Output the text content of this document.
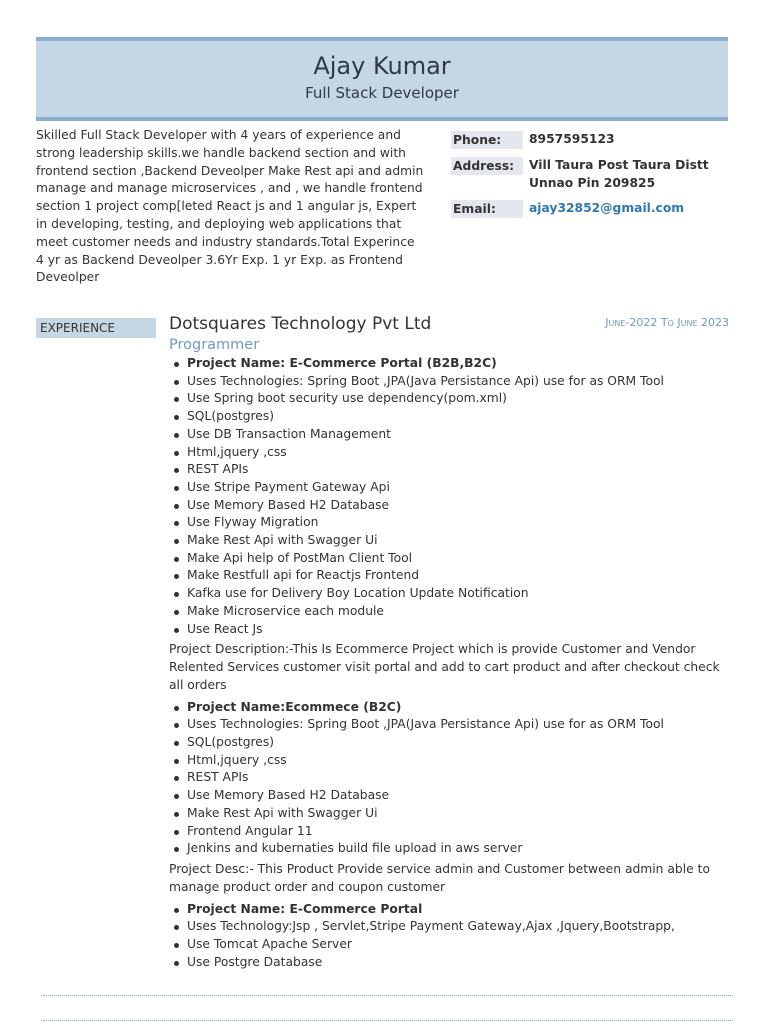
Ajay Kumar
Full Stack Developer
Skilled Full Stack Developer with 4 years of experience and strong leadership skills.we handle backend section and with frontend section ,Backend Deveolper Make Rest api and admin manage and manage microservices , and , we handle frontend section 1 project comp[leted React js and 1 angular js, Expert in developing, testing, and deploying web applications that meet customer needs and industry standards.Total Experince 4 yr as Backend Deveolper 3.6Yr Exp. 1 yr Exp. as Frontend Deveolper
Phone:	8957595123
Address:	Vill Taura Post Taura Distt Unnao Pin 209825
Email:	ajay32852@gmail.com
EXPERIENCE	Dotsquares Technology Pvt Ltd	June-2022 To June 2023
Programmer
Project Name: E-Commerce Portal (B2B,B2C)
Uses Technologies: Spring Boot ,JPA(Java Persistance Api) use for as ORM Tool
Use Spring boot security use dependency(pom.xml)
SQL(postgres)
Use DB Transaction Management
Html,jquery ,css
REST APIs
Use Stripe Payment Gateway Api
Use Memory Based H2 Database
Use Flyway Migration
Make Rest Api with Swagger Ui
Make Api help of PostMan Client Tool
Make Restfull api for Reactjs Frontend
Kafka use for Delivery Boy Location Update Notification
Make Microservice each module
Use React Js
Project Description:-This Is Ecommerce Project which is provide Customer and Vendor Relented Services customer visit portal and add to cart product and after checkout check all orders
Project Name:Ecommece (B2C)
Uses Technologies: Spring Boot ,JPA(Java Persistance Api) use for as ORM Tool
SQL(postgres)
Html,jquery ,css
REST APIs
Use Memory Based H2 Database
Make Rest Api with Swagger Ui
Frontend Angular 11
Jenkins and kubernaties build file upload in aws server
Project Desc:- This Product Provide service admin and Customer between admin able to manage product order and coupon customer
Project Name: E-Commerce Portal
Uses Technology:Jsp , Servlet,Stripe Payment Gateway,Ajax ,Jquery,Bootstrapp,
Use Tomcat Apache Server
Use Postgre Database
